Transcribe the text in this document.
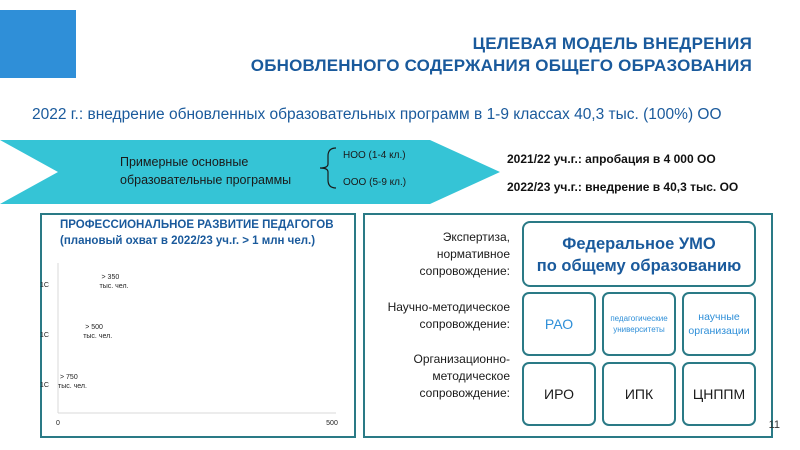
ЦЕЛЕВАЯ МОДЕЛЬ ВНЕДРЕНИЯ
ОБНОВЛЕННОГО СОДЕРЖАНИЯ ОБЩЕГО ОБРАЗОВАНИЯ
2022 г.: внедрение обновленных образовательных программ в 1-9 классах 40,3 тыс. (100%) ОО
Примерные основные
образовательные программы
НОО (1-4 кл.)
ООО (5-9 кл.)
2021/22 уч.г.: апробация в 4 000 ОО
2022/23 уч.г.: внедрение в 40,3 тыс. ОО
ПРОФЕССИОНАЛЬНОЕ РАЗВИТИЕ ПЕДАГОГОВ
(плановый охват в 2022/23 уч.г. > 1 млн чел.)
1С
1С
1С
0	500
> 350
тыс. чел.
> 500
тыс. чел.
> 750
тыс. чел.
Экспертиза,
нормативное
сопровождение:
Научно-методическое
сопровождение:
Организационно-
методическое
сопровождение:
Федеральное УМО
по общему образованию
РАО	педагогические
университеты
научные
организации
ИРО	ИПК	ЦНППМ
11
